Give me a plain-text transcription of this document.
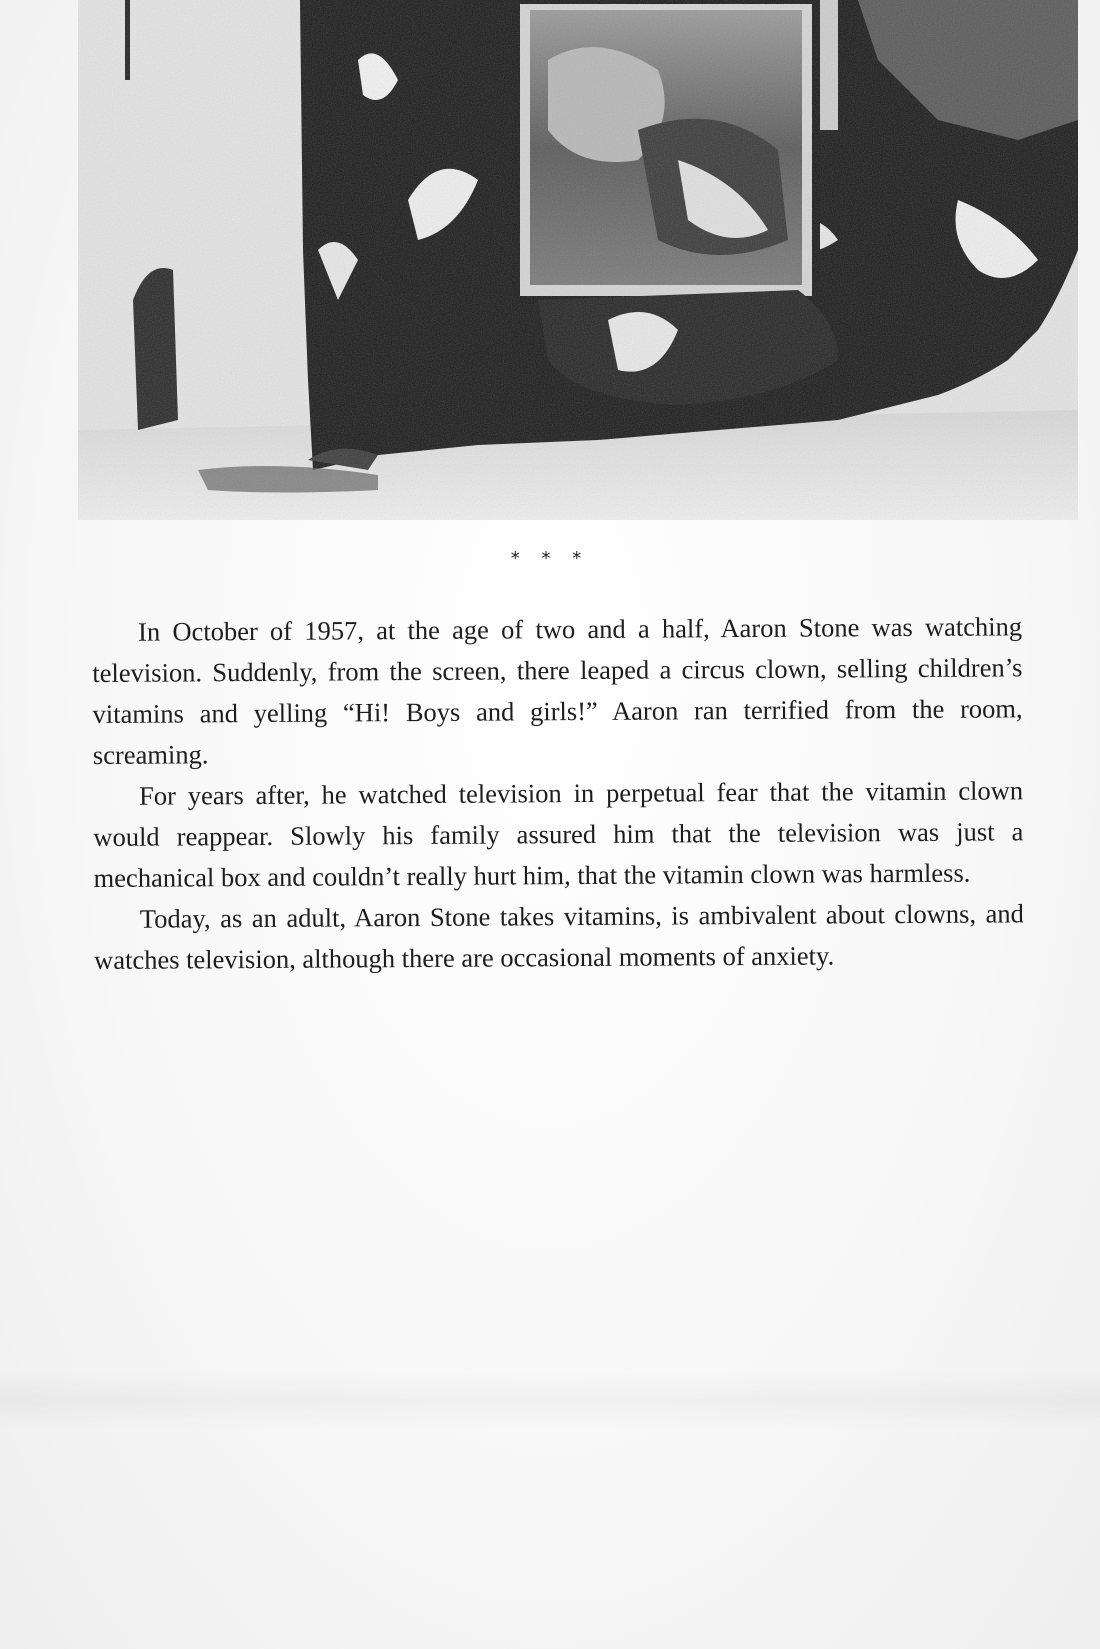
* * *

In October of 1957, at the age of two and a half, Aaron Stone was watching television. Suddenly, from the screen, there leaped a circus clown, selling children’s vitamins and yelling “Hi! Boys and girls!” Aaron ran terrified from the room, screaming.

For years after, he watched television in perpetual fear that the vitamin clown would reappear. Slowly his family assured him that the television was just a mechanical box and couldn’t really hurt him, that the vitamin clown was harmless.

Today, as an adult, Aaron Stone takes vitamins, is ambivalent about clowns, and watches television, although there are occasional moments of anxiety.
